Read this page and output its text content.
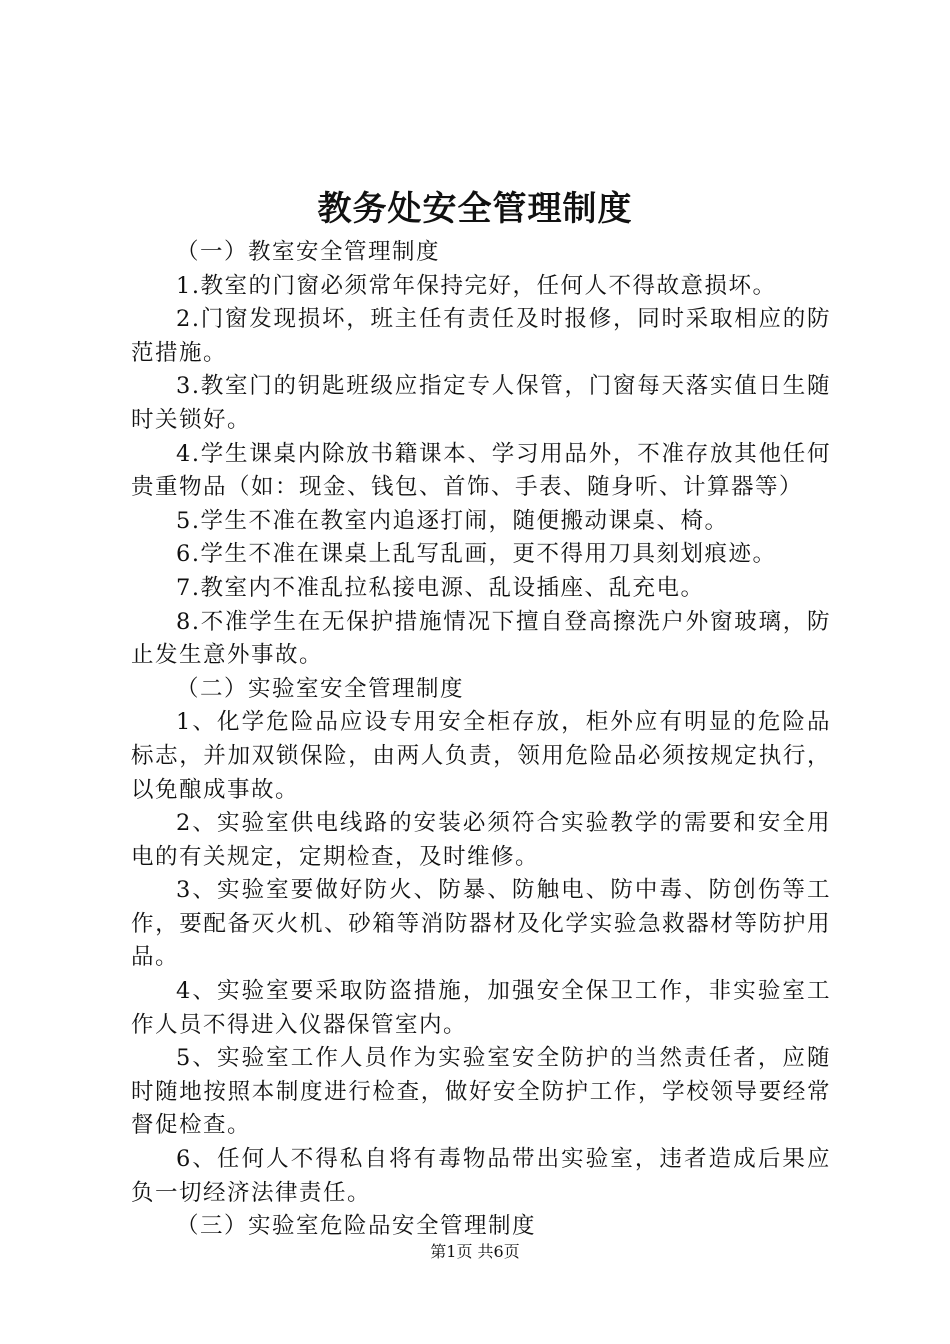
教务处安全管理制度

（一）教室安全管理制度

1.教室的门窗必须常年保持完好，任何人不得故意损坏。

2.门窗发现损坏，班主任有责任及时报修，同时采取相应的防范措施。

3.教室门的钥匙班级应指定专人保管，门窗每天落实值日生随时关锁好。

4.学生课桌内除放书籍课本、学习用品外，不准存放其他任何贵重物品（如：现金、钱包、首饰、手表、随身听、计算器等）

5.学生不准在教室内追逐打闹，随便搬动课桌、椅。

6.学生不准在课桌上乱写乱画，更不得用刀具刻划痕迹。

7.教室内不准乱拉私接电源、乱设插座、乱充电。

8.不准学生在无保护措施情况下擅自登高擦洗户外窗玻璃，防止发生意外事故。

（二）实验室安全管理制度

1、化学危险品应设专用安全柜存放，柜外应有明显的危险品标志，并加双锁保险，由两人负责，领用危险品必须按规定执行，以免酿成事故。

2、实验室供电线路的安装必须符合实验教学的需要和安全用电的有关规定，定期检查，及时维修。

3、实验室要做好防火、防暴、防触电、防中毒、防创伤等工作，要配备灭火机、砂箱等消防器材及化学实验急救器材等防护用品。

4、实验室要采取防盗措施，加强安全保卫工作，非实验室工作人员不得进入仪器保管室内。

5、实验室工作人员作为实验室安全防护的当然责任者，应随时随地按照本制度进行检查，做好安全防护工作，学校领导要经常督促检查。

6、任何人不得私自将有毒物品带出实验室，违者造成后果应负一切经济法律责任。

（三）实验室危险品安全管理制度

第1页 共6页
